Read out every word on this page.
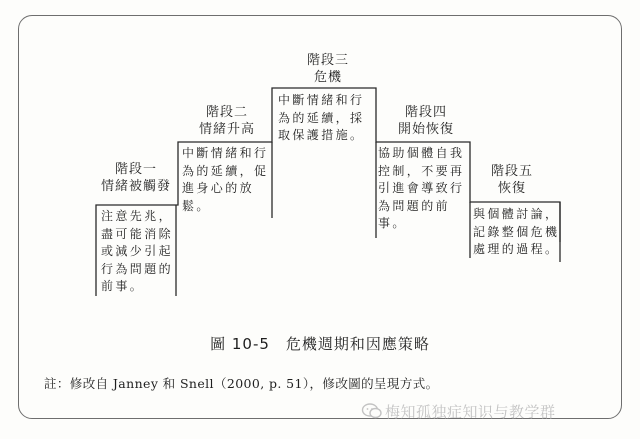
階段一
情緒被觸發
注意先兆，
盡可能消除
或減少引起
行為問題的
前事。
階段二
情緒升高
中斷情緒和行
為的延續，促
進身心的放
鬆。
階段三
危機
中斷情緒和行
為的延續，採
取保護措施。
階段四
開始恢復
協助個體自我
控制，不要再
引進會導致行
為問題的前
事。
階段五
恢復
與個體討論，
記錄整個危機
處理的過程。
圖 10-5　危機週期和因應策略
註：修改自 Janney 和 Snell（2000, p. 51），修改圖的呈現方式。
梅知孤独症知识与教学群
